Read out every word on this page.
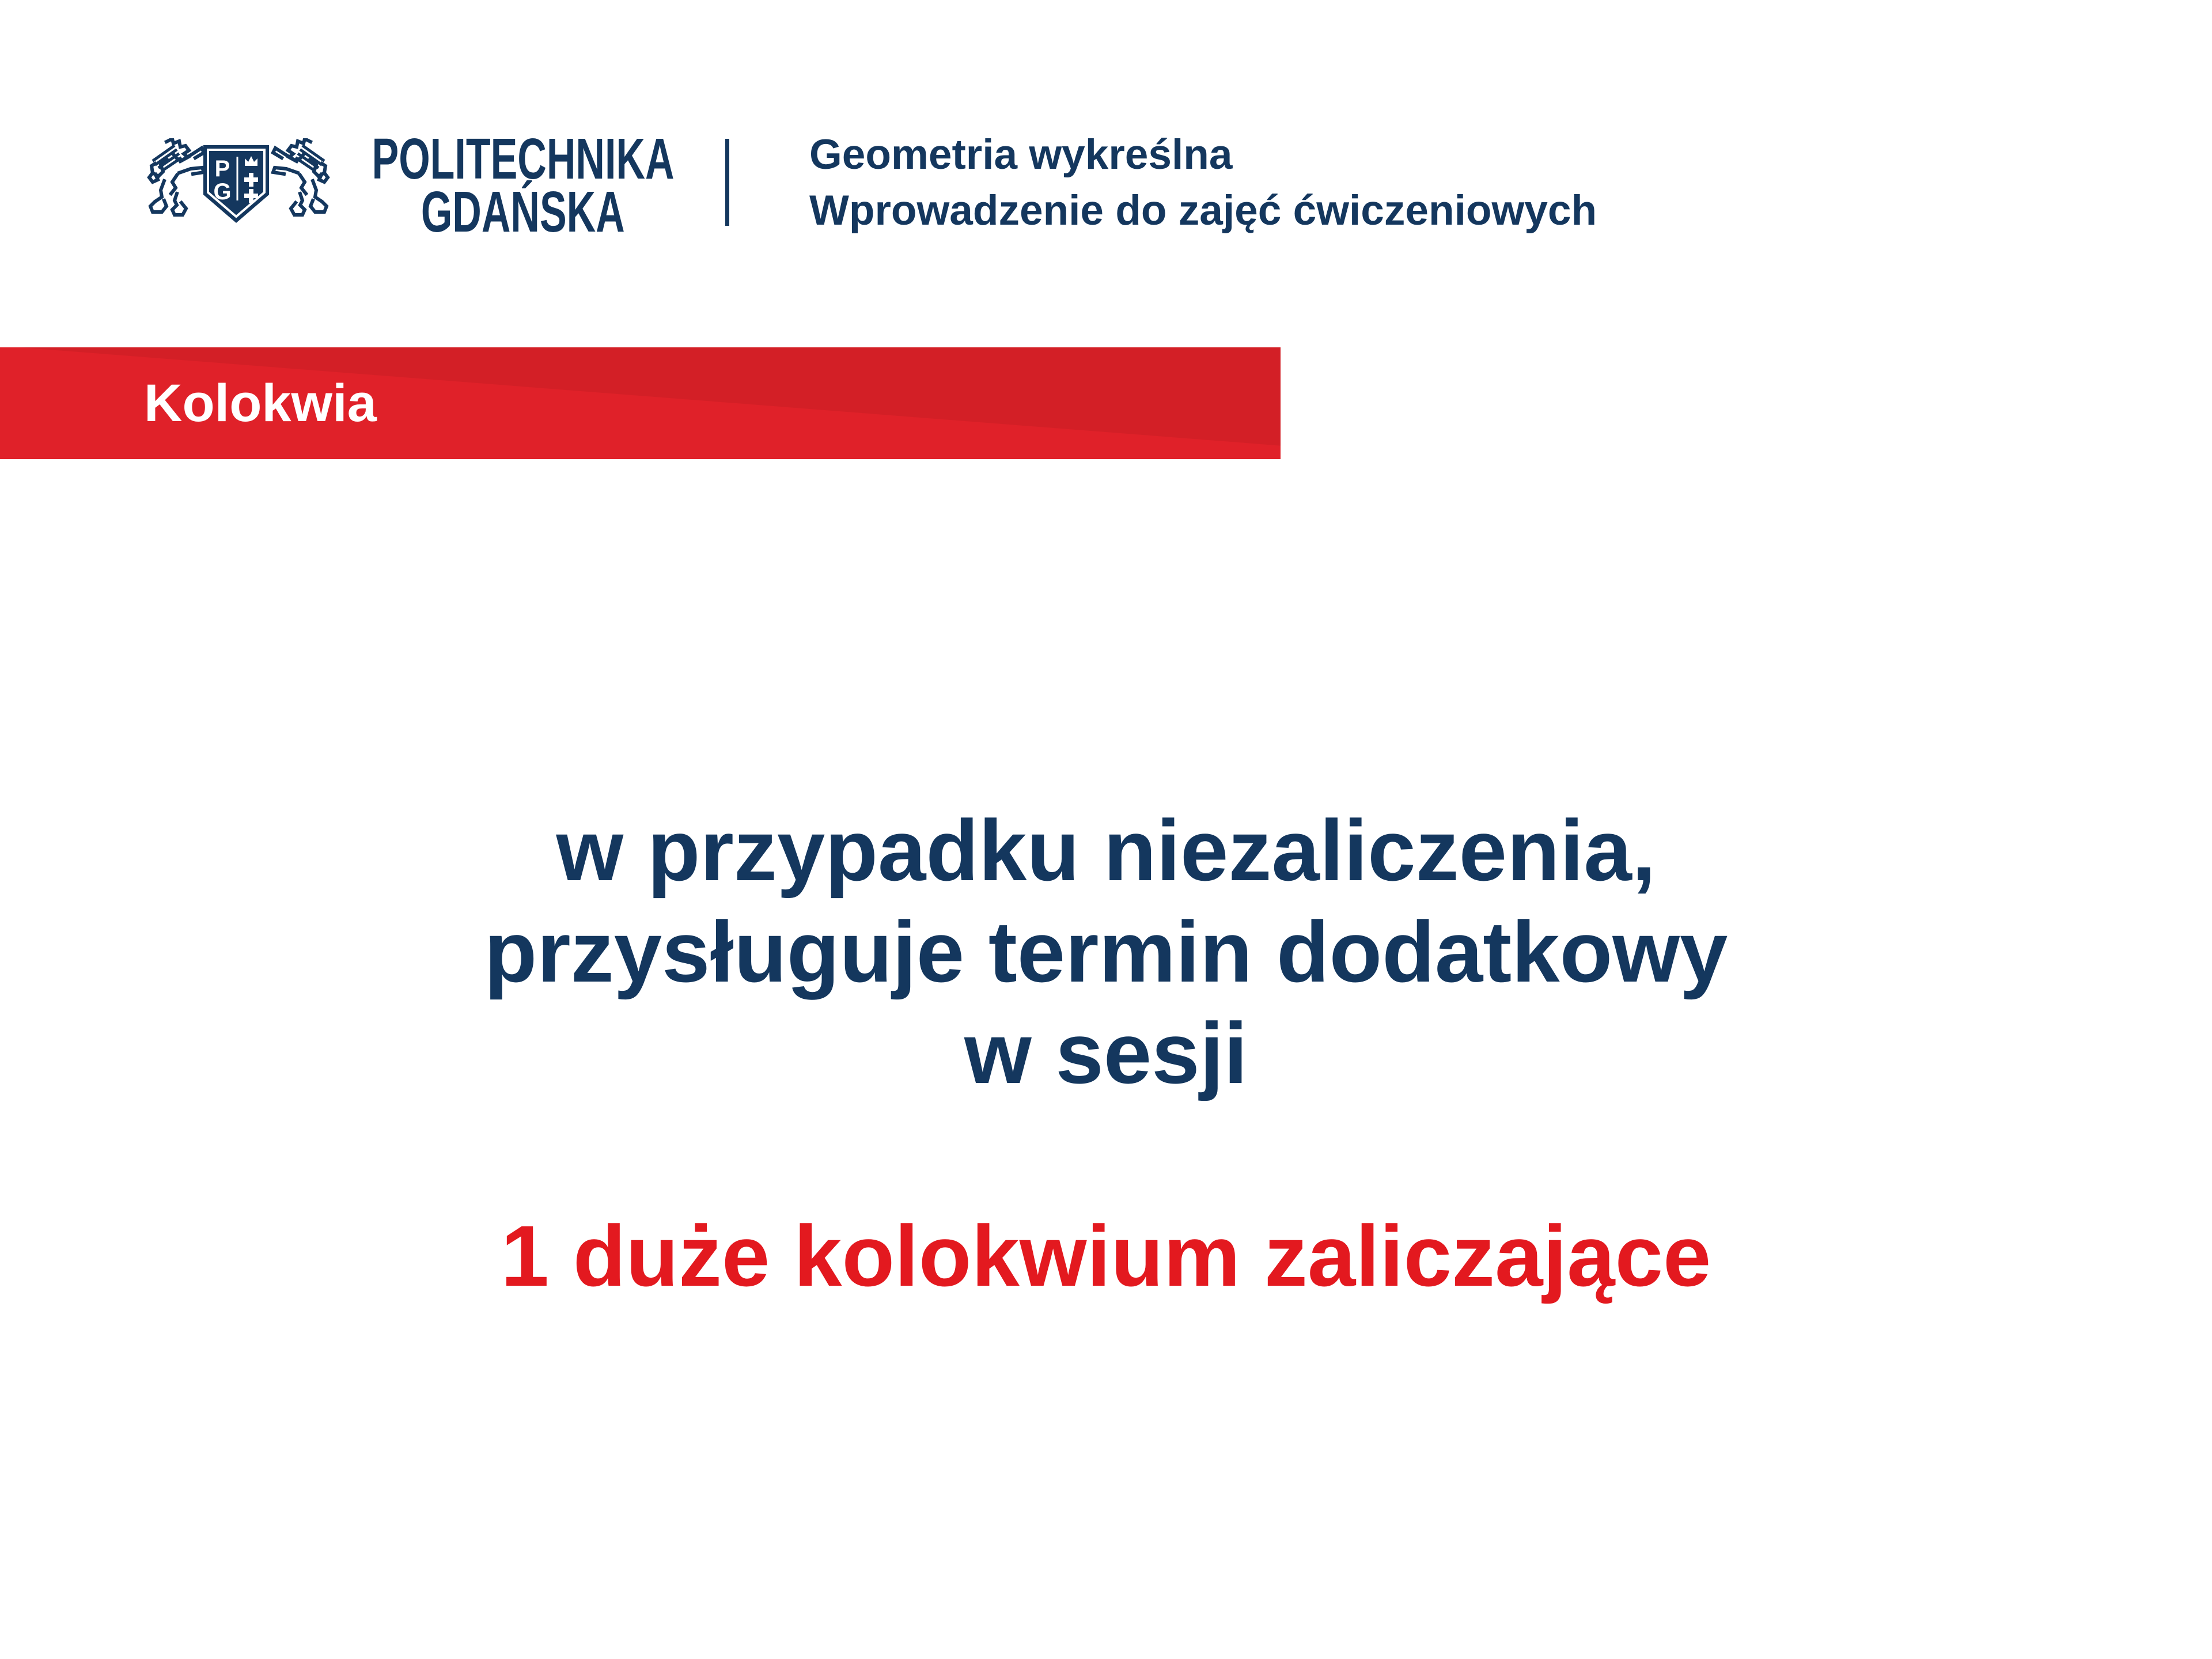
P
G
POLITECHNIKA
GDAŃSKA
Geometria wykreślna
Wprowadzenie do zajęć ćwiczeniowych
Kolokwia
w przypadku niezaliczenia,
przysługuje termin dodatkowy
w sesji
1 duże kolokwium zaliczające
